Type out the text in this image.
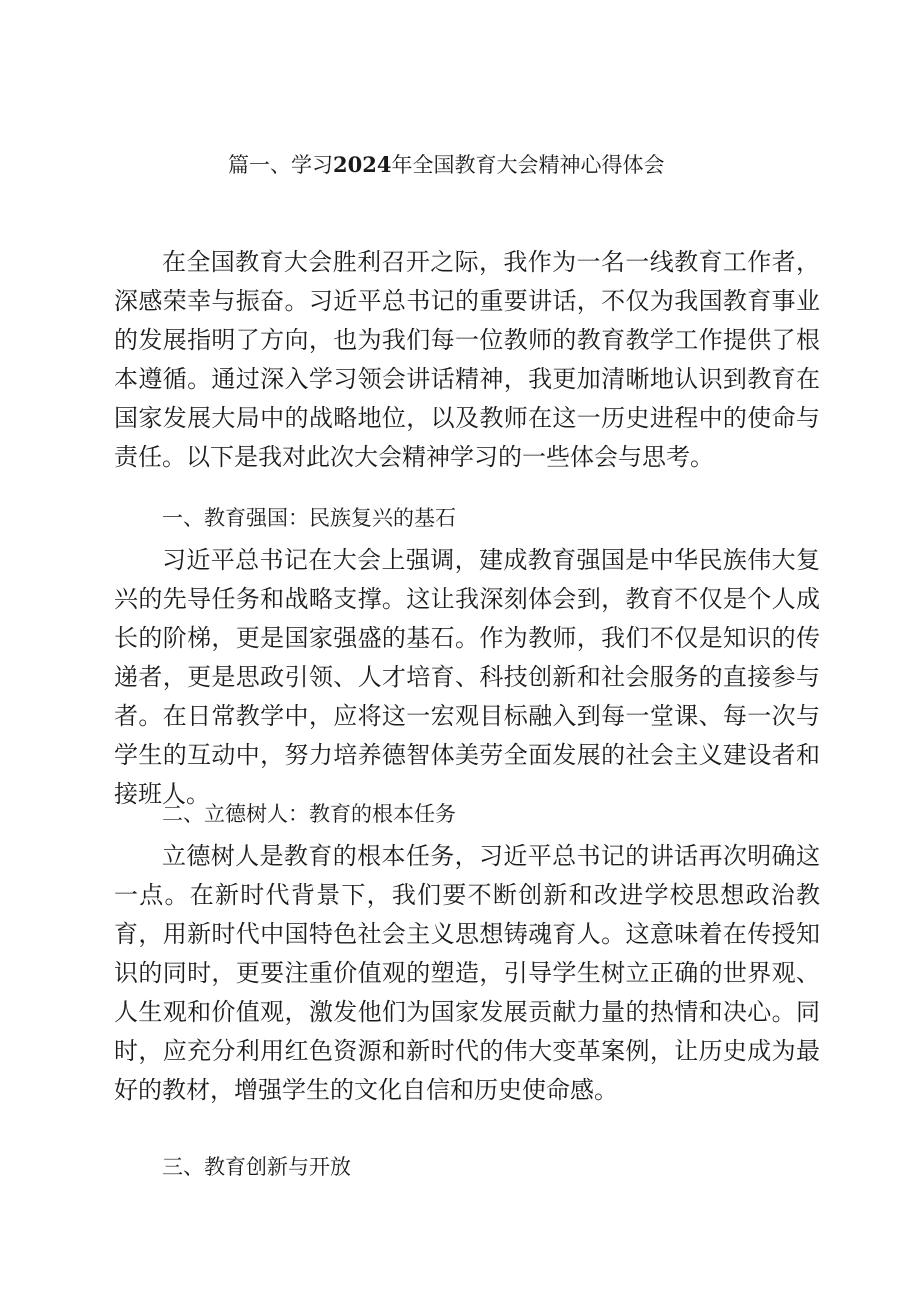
篇一、学习2024年全国教育大会精神心得体会

在全国教育大会胜利召开之际，我作为一名一线教育工作者，深感荣幸与振奋。习近平总书记的重要讲话，不仅为我国教育事业的发展指明了方向，也为我们每一位教师的教育教学工作提供了根本遵循。通过深入学习领会讲话精神，我更加清晰地认识到教育在国家发展大局中的战略地位，以及教师在这一历史进程中的使命与责任。以下是我对此次大会精神学习的一些体会与思考。

一、教育强国：民族复兴的基石

习近平总书记在大会上强调，建成教育强国是中华民族伟大复兴的先导任务和战略支撑。这让我深刻体会到，教育不仅是个人成长的阶梯，更是国家强盛的基石。作为教师，我们不仅是知识的传递者，更是思政引领、人才培育、科技创新和社会服务的直接参与者。在日常教学中，应将这一宏观目标融入到每一堂课、每一次与学生的互动中，努力培养德智体美劳全面发展的社会主义建设者和接班人。

二、立德树人：教育的根本任务

立德树人是教育的根本任务，习近平总书记的讲话再次明确这一点。在新时代背景下，我们要不断创新和改进学校思想政治教育，用新时代中国特色社会主义思想铸魂育人。这意味着在传授知识的同时，更要注重价值观的塑造，引导学生树立正确的世界观、人生观和价值观，激发他们为国家发展贡献力量的热情和决心。同时，应充分利用红色资源和新时代的伟大变革案例，让历史成为最好的教材，增强学生的文化自信和历史使命感。

三、教育创新与开放
